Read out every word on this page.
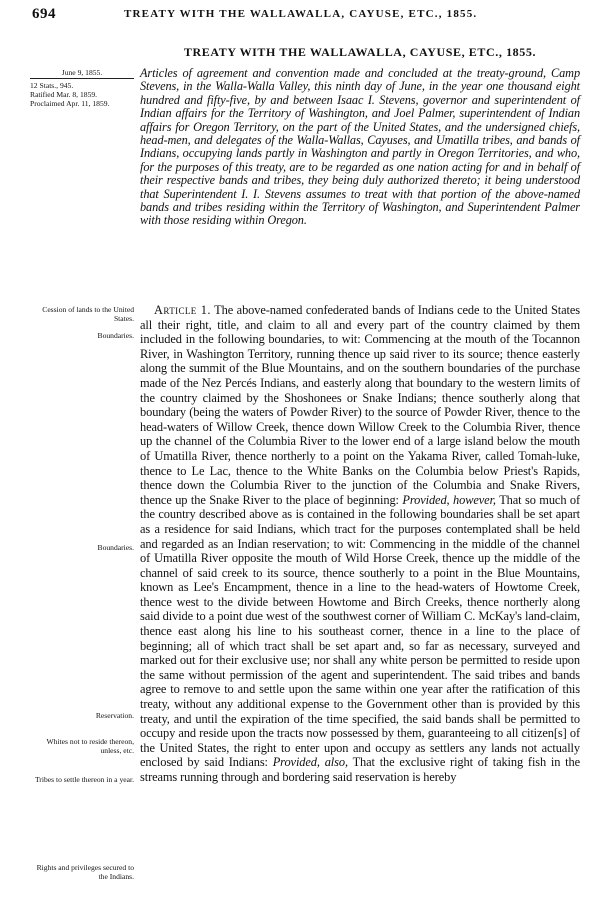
694	TREATY WITH THE WALLAWALLA, CAYUSE, ETC., 1855.
TREATY WITH THE WALLAWALLA, CAYUSE, ETC., 1855.
June 9, 1855.
12 Stats., 945.
Ratified Mar. 8, 1859.
Proclaimed Apr. 11, 1859.
Cession of lands to the United States.
Boundaries.
Boundaries.
Reservation.
Whites not to reside thereon, unless, etc.
Tribes to settle thereon in a year.
Rights and privileges secured to the Indians.
Articles of agreement and convention made and concluded at the treaty-ground, Camp Stevens, in the Walla-Walla Valley, this ninth day of June, in the year one thousand eight hundred and fifty-five, by and between Isaac I. Stevens, governor and superintendent of Indian affairs for the Territory of Washington, and Joel Palmer, superintendent of Indian affairs for Oregon Territory, on the part of the United States, and the undersigned chiefs, head-men, and delegates of the Walla-Wallas, Cayuses, and Umatilla tribes, and bands of Indians, occupying lands partly in Washington and partly in Oregon Territories, and who, for the purposes of this treaty, are to be regarded as one nation acting for and in behalf of their respective bands and tribes, they being duly authorized thereto; it being understood that Superintendent I. I. Stevens assumes to treat with that portion of the above-named bands and tribes residing within the Territory of Washington, and Superintendent Palmer with those residing within Oregon.

Article 1. The above-named confederated bands of Indians cede to the United States all their right, title, and claim to all and every part of the country claimed by them included in the following boundaries, to wit: Commencing at the mouth of the Tocannon River, in Washington Territory, running thence up said river to its source; thence easterly along the summit of the Blue Mountains, and on the southern boundaries of the purchase made of the Nez Percés Indians, and easterly along that boundary to the western limits of the country claimed by the Shoshonees or Snake Indians; thence southerly along that boundary (being the waters of Powder River) to the source of Powder River, thence to the head-waters of Willow Creek, thence down Willow Creek to the Columbia River, thence up the channel of the Columbia River to the lower end of a large island below the mouth of Umatilla River, thence northerly to a point on the Yakama River, called Tomah-luke, thence to Le Lac, thence to the White Banks on the Columbia below Priest's Rapids, thence down the Columbia River to the junction of the Columbia and Snake Rivers, thence up the Snake River to the place of beginning: Provided, however, That so much of the country described above as is contained in the following boundaries shall be set apart as a residence for said Indians, which tract for the purposes contemplated shall be held and regarded as an Indian reservation; to wit: Commencing in the middle of the channel of Umatilla River opposite the mouth of Wild Horse Creek, thence up the middle of the channel of said creek to its source, thence southerly to a point in the Blue Mountains, known as Lee's Encampment, thence in a line to the head-waters of Howtome Creek, thence west to the divide between Howtome and Birch Creeks, thence northerly along said divide to a point due west of the southwest corner of William C. McKay's land-claim, thence east along his line to his southeast corner, thence in a line to the place of beginning; all of which tract shall be set apart and, so far as necessary, surveyed and marked out for their exclusive use; nor shall any white person be permitted to reside upon the same without permission of the agent and superintendent. The said tribes and bands agree to remove to and settle upon the same within one year after the ratification of this treaty, without any additional expense to the Government other than is provided by this treaty, and until the expiration of the time specified, the said bands shall be permitted to occupy and reside upon the tracts now possessed by them, guaranteeing to all citizen[s] of the United States, the right to enter upon and occupy as settlers any lands not actually enclosed by said Indians: Provided, also, That the exclusive right of taking fish in the streams running through and bordering said reservation is hereby
